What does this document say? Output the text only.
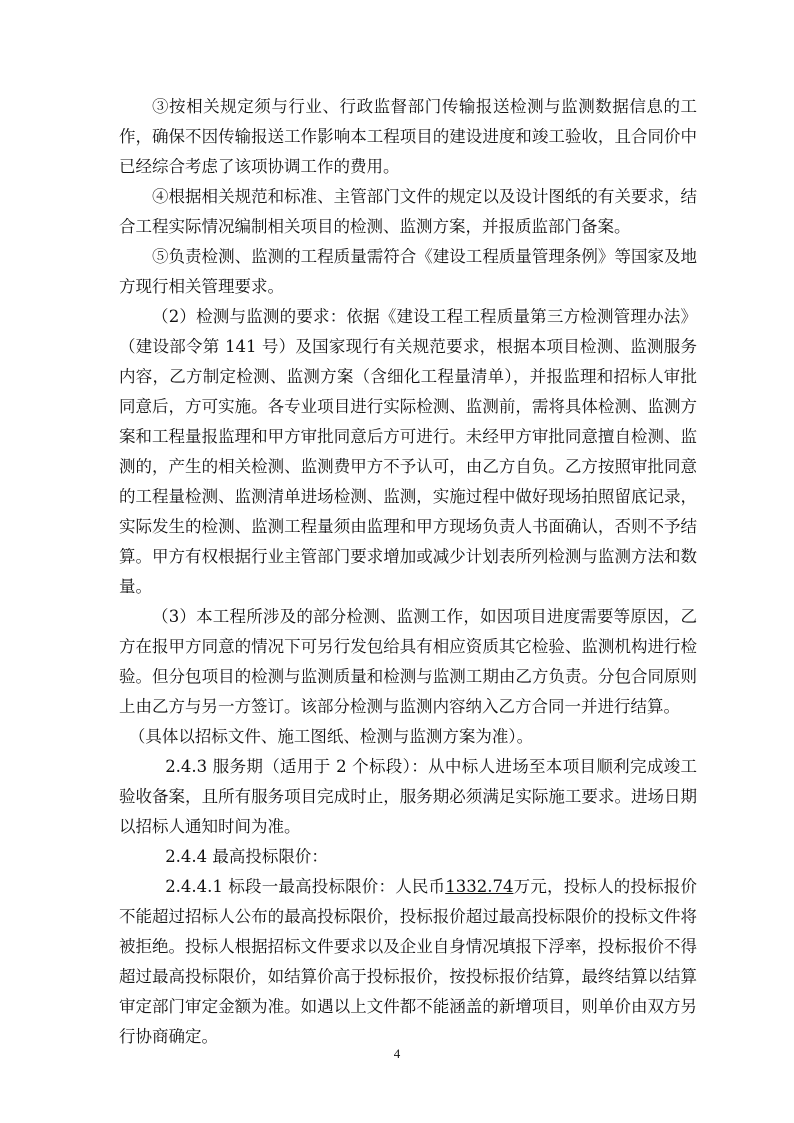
③按相关规定须与行业、行政监督部门传输报送检测与监测数据信息的工作，确保不因传输报送工作影响本工程项目的建设进度和竣工验收，且合同价中已经综合考虑了该项协调工作的费用。

④根据相关规范和标准、主管部门文件的规定以及设计图纸的有关要求，结合工程实际情况编制相关项目的检测、监测方案，并报质监部门备案。

⑤负责检测、监测的工程质量需符合《建设工程质量管理条例》等国家及地方现行相关管理要求。

（2）检测与监测的要求：依据《建设工程工程质量第三方检测管理办法》（建设部令第 141 号）及国家现行有关规范要求，根据本项目检测、监测服务内容，乙方制定检测、监测方案（含细化工程量清单），并报监理和招标人审批同意后，方可实施。各专业项目进行实际检测、监测前，需将具体检测、监测方案和工程量报监理和甲方审批同意后方可进行。未经甲方审批同意擅自检测、监测的，产生的相关检测、监测费甲方不予认可，由乙方自负。乙方按照审批同意的工程量检测、监测清单进场检测、监测，实施过程中做好现场拍照留底记录，实际发生的检测、监测工程量须由监理和甲方现场负责人书面确认，否则不予结算。甲方有权根据行业主管部门要求增加或减少计划表所列检测与监测方法和数量。

（3）本工程所涉及的部分检测、监测工作，如因项目进度需要等原因，乙方在报甲方同意的情况下可另行发包给具有相应资质其它检验、监测机构进行检验。但分包项目的检测与监测质量和检测与监测工期由乙方负责。分包合同原则上由乙方与另一方签订。该部分检测与监测内容纳入乙方合同一并进行结算。

（具体以招标文件、施工图纸、检测与监测方案为准）。

2.4.3 服务期（适用于 2 个标段）：从中标人进场至本项目顺利完成竣工验收备案，且所有服务项目完成时止，服务期必须满足实际施工要求。进场日期以招标人通知时间为准。

2.4.4 最高投标限价：

2.4.4.1 标段一最高投标限价：人民币1332.74万元，投标人的投标报价不能超过招标人公布的最高投标限价，投标报价超过最高投标限价的投标文件将被拒绝。投标人根据招标文件要求以及企业自身情况填报下浮率，投标报价不得超过最高投标限价，如结算价高于投标报价，按投标报价结算，最终结算以结算审定部门审定金额为准。如遇以上文件都不能涵盖的新增项目，则单价由双方另行协商确定。

4
